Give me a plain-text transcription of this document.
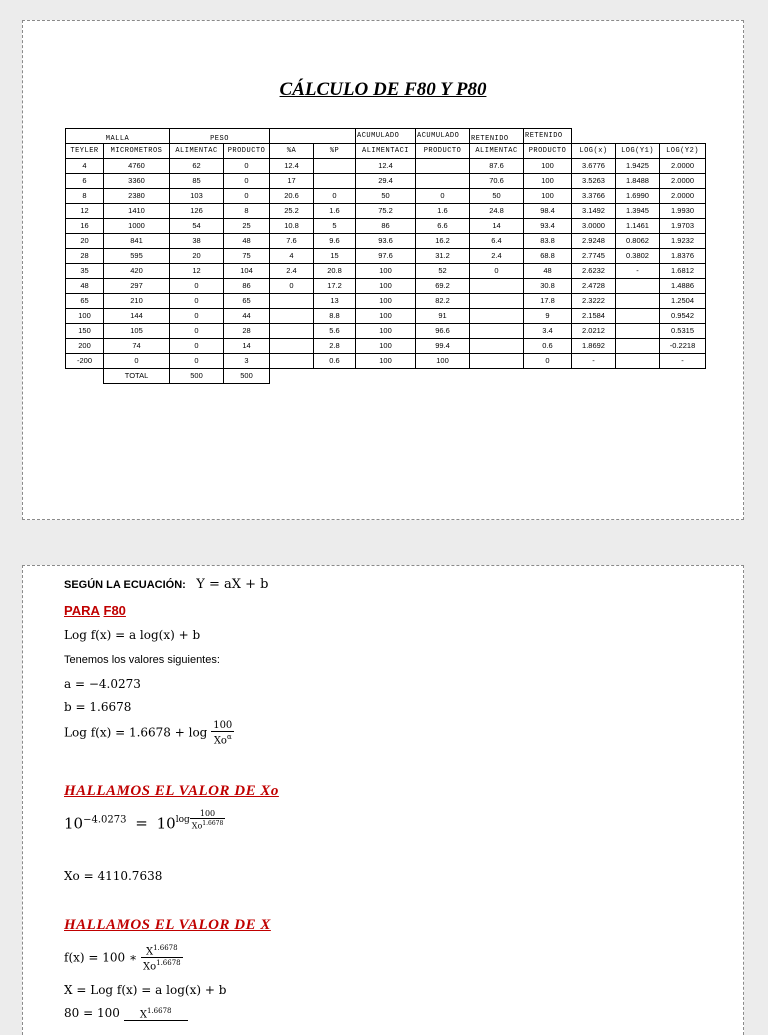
CÁLCULO DE F80 Y P80
MALLA		PESO				ACUMULADO	ACUMULADO	RETENIDO	RETENIDO			
TEYLER	MICROMETROS	ALIMENTAC	PRODUCTO	%A	%P	ALIMENTACI	PRODUCTO	ALIMENTAC	PRODUCTO	LOG(x)	LOG(Y1)	LOG(Y2)
4	4760	62	0	12.4		12.4		87.6	100	3.6776	1.9425	2.0000
6	3360	85	0	17		29.4		70.6	100	3.5263	1.8488	2.0000
8	2380	103	0	20.6	0	50	0	50	100	3.3766	1.6990	2.0000
12	1410	126	8	25.2	1.6	75.2	1.6	24.8	98.4	3.1492	1.3945	1.9930
16	1000	54	25	10.8	5	86	6.6	14	93.4	3.0000	1.1461	1.9703
20	841	38	48	7.6	9.6	93.6	16.2	6.4	83.8	2.9248	0.8062	1.9232
28	595	20	75	4	15	97.6	31.2	2.4	68.8	2.7745	0.3802	1.8376
35	420	12	104	2.4	20.8	100	52	0	48	2.6232	-	1.6812
48	297	0	86	0	17.2	100	69.2		30.8	2.4728		1.4886
65	210	0	65		13	100	82.2		17.8	2.3222		1.2504
100	144	0	44		8.8	100	91		9	2.1584		0.9542
150	105	0	28		5.6	100	96.6		3.4	2.0212		0.5315
200	74	0	14		2.8	100	99.4		0.6	1.8692		-0.2218
-200	0	0	3		0.6	100	100		0	-		-
	TOTAL	500	500									
SEGÚN LA ECUACIÓN: Y = aX + b
PARA F80
Log f(x) = a log(x) + b
Tenemos los valores siguientes:
a = −4.0273
b = 1.6678
Log $f(x) = 1.6678 + \log \frac{100}{Xo^\alpha}$
HALLAMOS EL VALOR DE Xo
$10^{-4.0273} = 10^{log \frac{100}{Xo^{1.6678}}}$
Xo = 4110.7638
HALLAMOS EL VALOR DE X
f(x) = 100 ∗ $\frac{X^{1.6678}}{Xo^{1.6678}}$
X = Log f(x) = a log(x) + b
80 = 100	$X^{1.6678}$
